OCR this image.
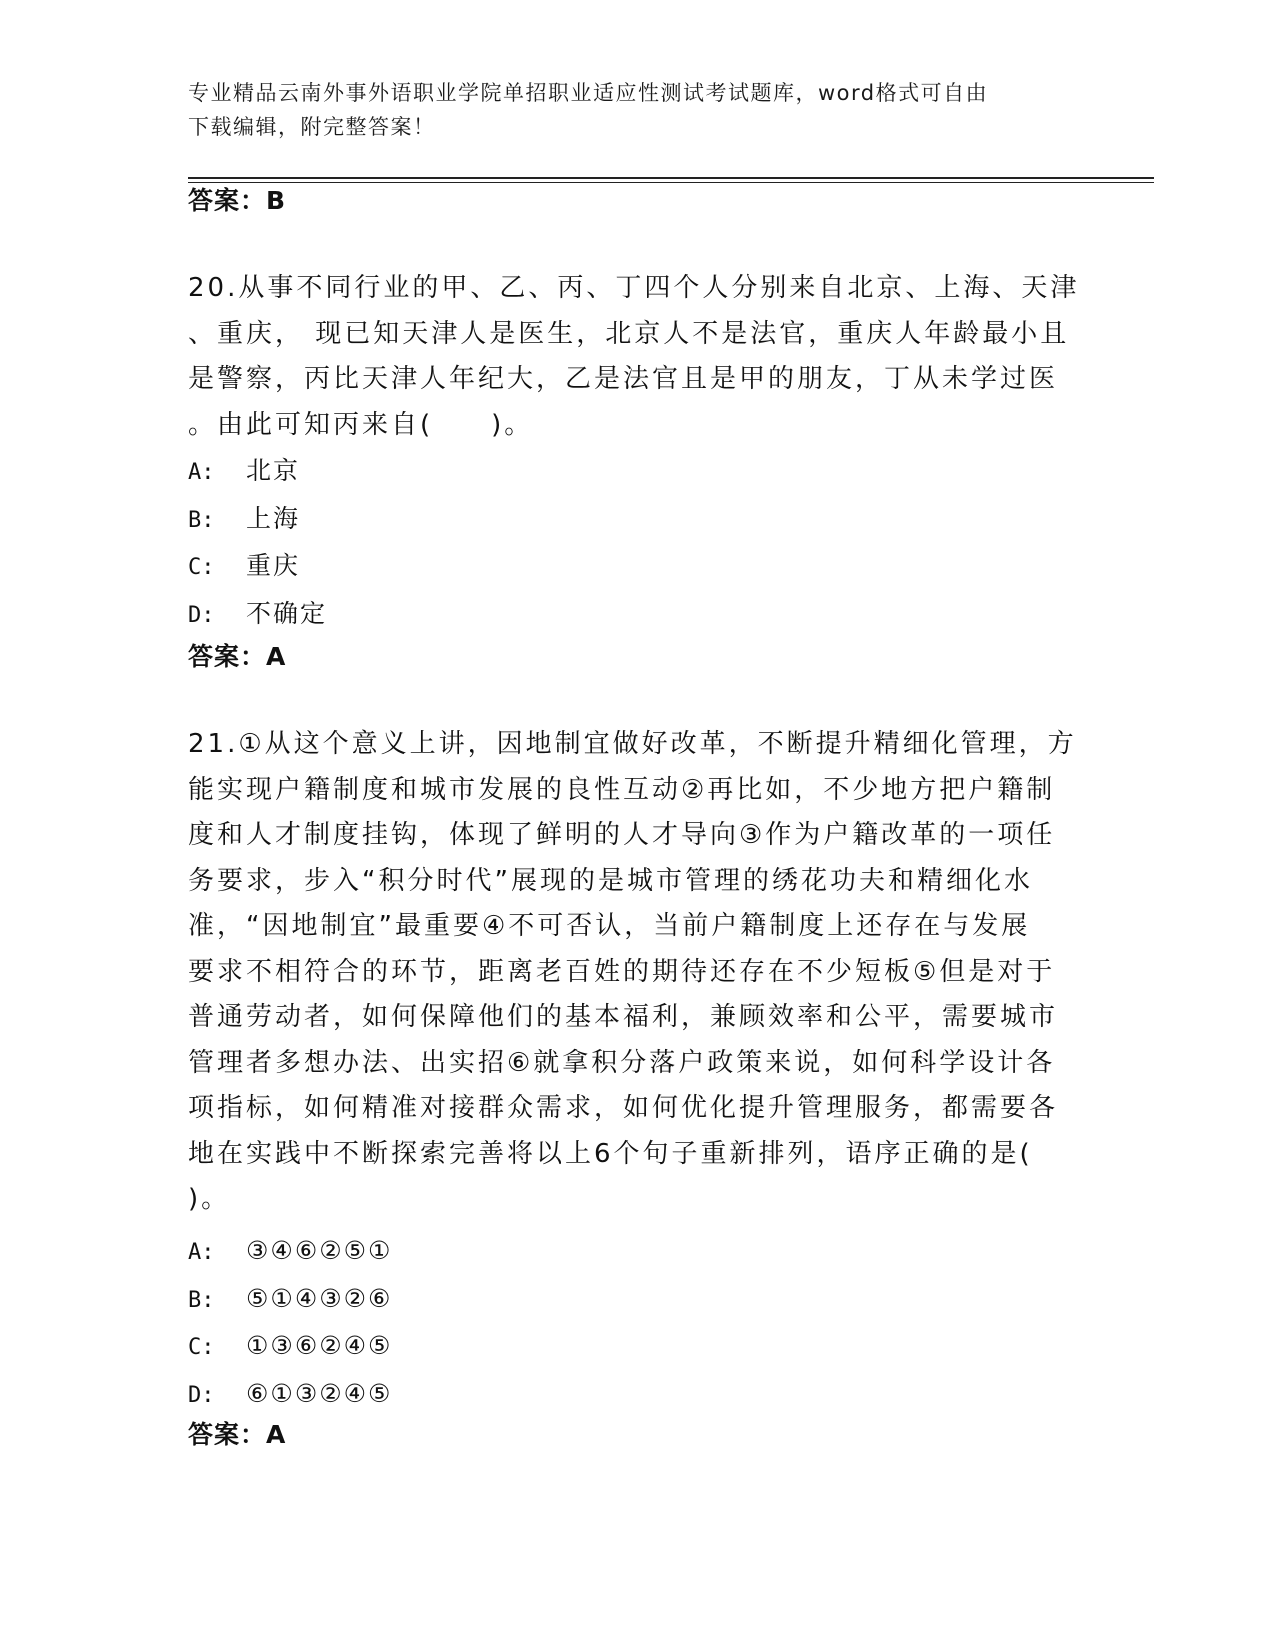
专业精品云南外事外语职业学院单招职业适应性测试考试题库，word格式可自由
下载编辑，附完整答案！
答案：B
20.从事不同行业的甲、乙、丙、丁四个人分别来自北京、上海、天津
、重庆， 现已知天津人是医生，北京人不是法官，重庆人年龄最小且
是警察，丙比天津人年纪大，乙是法官且是甲的朋友，丁从未学过医
。由此可知丙来自(　　)。
A: 北京
B: 上海
C: 重庆
D: 不确定
答案：A
21.①从这个意义上讲，因地制宜做好改革，不断提升精细化管理，方
能实现户籍制度和城市发展的良性互动②再比如，不少地方把户籍制
度和人才制度挂钩，体现了鲜明的人才导向③作为户籍改革的一项任
务要求，步入“积分时代”展现的是城市管理的绣花功夫和精细化水
准，“因地制宜”最重要④不可否认，当前户籍制度上还存在与发展
要求不相符合的环节，距离老百姓的期待还存在不少短板⑤但是对于
普通劳动者，如何保障他们的基本福利，兼顾效率和公平，需要城市
管理者多想办法、出实招⑥就拿积分落户政策来说，如何科学设计各
项指标，如何精准对接群众需求，如何优化提升管理服务，都需要各
地在实践中不断探索完善将以上6个句子重新排列，语序正确的是(
)。
A: ③④⑥②⑤①
B: ⑤①④③②⑥
C: ①③⑥②④⑤
D: ⑥①③②④⑤
答案：A
